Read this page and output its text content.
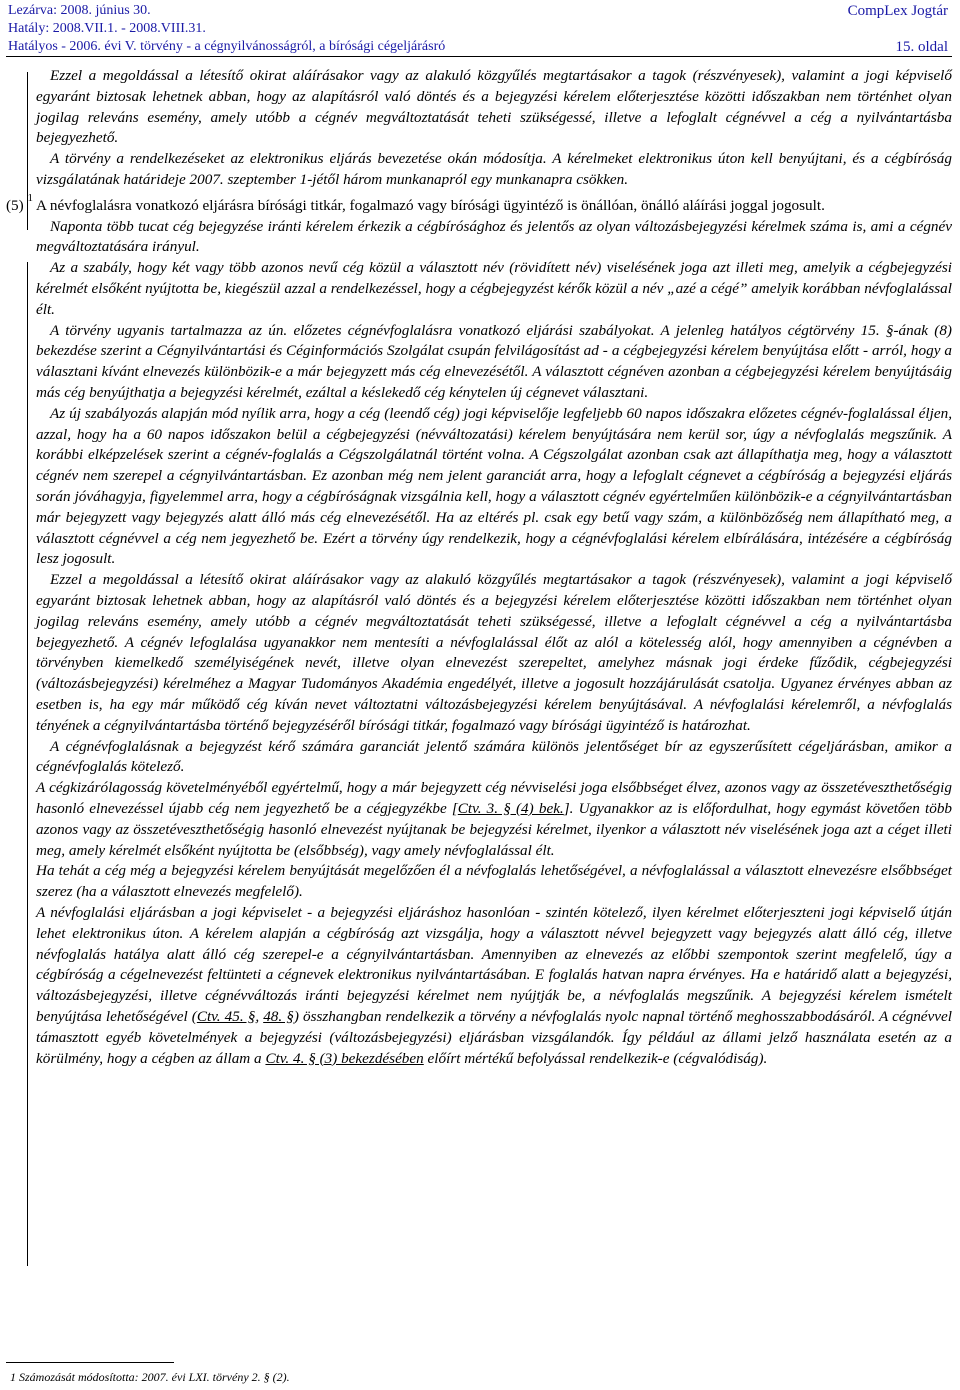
Lezárva: 2008. június 30.	CompLex Jogtár
Hatály: 2008.VII.1. - 2008.VIII.31.
Hatályos - 2006. évi V. törvény - a cégnyilvánosságról, a bírósági cégeljárásró	15. oldal

Ezzel a megoldással a létesítő okirat aláírásakor vagy az alakuló közgyűlés megtartásakor a tagok (részvényesek), valamint a jogi képviselő egyaránt biztosak lehetnek abban, hogy az alapításról való döntés és a bejegyzési kérelem előterjesztése közötti időszakban nem történhet olyan jogilag releváns esemény, amely utóbb a cégnév megváltoztatását teheti szükségessé, illetve a lefoglalt cégnévvel a cég a nyilvántartásba bejegyezhető.

A törvény a rendelkezéseket az elektronikus eljárás bevezetése okán módosítja. A kérelmeket elektronikus úton kell benyújtani, és a cégbíróság vizsgálatának határideje 2007. szeptember 1-jétől három munkanapról egy munkanapra csökken.

(5) $^1$ A névfoglalásra vonatkozó eljárásra bírósági titkár, fogalmazó vagy bírósági ügyintéző is önállóan, önálló aláírási joggal jogosult.

Naponta több tucat cég bejegyzése iránti kérelem érkezik a cégbírósághoz és jelentős az olyan változásbejegyzési kérelmek száma is, ami a cégnév megváltoztatására irányul.

Az a szabály, hogy két vagy több azonos nevű cég közül a választott név (rövidített név) viselésének joga azt illeti meg, amelyik a cégbejegyzési kérelmét elsőként nyújtotta be, kiegészül azzal a rendelkezéssel, hogy a cégbejegyzést kérők közül a név „azé a cégé” amelyik korábban névfoglalással élt.

A törvény ugyanis tartalmazza az ún. előzetes cégnévfoglalásra vonatkozó eljárási szabályokat. A jelenleg hatályos cégtörvény 15. §-ának (8) bekezdése szerint a Cégnyilvántartási és Céginformációs Szolgálat csupán felvilágosítást ad - a cégbejegyzési kérelem benyújtása előtt - arról, hogy a választani kívánt elnevezés különbözik-e a már bejegyzett más cég elnevezésétől. A választott cégnéven azonban a cégbejegyzési kérelem benyújtásáig más cég benyújthatja a bejegyzési kérelmét, ezáltal a késlekedő cég kénytelen új cégnevet választani.

Az új szabályozás alapján mód nyílik arra, hogy a cég (leendő cég) jogi képviselője legfeljebb 60 napos időszakra előzetes cégnév-foglalással éljen, azzal, hogy ha a 60 napos időszakon belül a cégbejegyzési (névváltozatási) kérelem benyújtására nem kerül sor, úgy a névfoglalás megszűnik. A korábbi elképzelések szerint a cégnév-foglalás a Cégszolgálatnál történt volna. A Cégszolgálat azonban csak azt állapíthatja meg, hogy a választott cégnév nem szerepel a cégnyilvántartásban. Ez azonban még nem jelent garanciát arra, hogy a lefoglalt cégnevet a cégbíróság a bejegyzési eljárás során jóváhagyja, figyelemmel arra, hogy a cégbíróságnak vizsgálnia kell, hogy a választott cégnév egyértelműen különbözik-e a cégnyilvántartásban már bejegyzett vagy bejegyzés alatt álló más cég elnevezésétől. Ha az eltérés pl. csak egy betű vagy szám, a különbözőség nem állapítható meg, a választott cégnévvel a cég nem jegyezhető be. Ezért a törvény úgy rendelkezik, hogy a cégnévfoglalási kérelem elbírálására, intézésére a cégbíróság lesz jogosult.

Ezzel a megoldással a létesítő okirat aláírásakor vagy az alakuló közgyűlés megtartásakor a tagok (részvényesek), valamint a jogi képviselő egyaránt biztosak lehetnek abban, hogy az alapításról való döntés és a bejegyzési kérelem előterjesztése közötti időszakban nem történhet olyan jogilag releváns esemény, amely utóbb a cégnév megváltoztatását teheti szükségessé, illetve a lefoglalt cégnévvel a cég a nyilvántartásba bejegyezhető. A cégnév lefoglalása ugyanakkor nem mentesíti a névfoglalással élőt az alól a kötelesség alól, hogy amennyiben a cégnévben a törvényben kiemelkedő személyiségének nevét, illetve olyan elnevezést szerepeltet, amelyhez másnak jogi érdeke fűződik, cégbejegyzési (változásbejegyzési) kérelméhez a Magyar Tudományos Akadémia engedélyét, illetve a jogosult hozzájárulását csatolja. Ugyanez érvényes abban az esetben is, ha egy már működő cég kíván nevet változtatni változásbejegyzési kérelem benyújtásával. A névfoglalási kérelemről, a névfoglalás tényének a cégnyilvántartásba történő bejegyzéséről bírósági titkár, fogalmazó vagy bírósági ügyintéző is határozhat.

A cégnévfoglalásnak a bejegyzést kérő számára garanciát jelentő számára különös jelentőséget bír az egyszerűsített cégeljárásban, amikor a cégnévfoglalás kötelező.

A cégkizárólagosság követelményéből egyértelmű, hogy a már bejegyzett cég névviselési joga elsőbbséget élvez, azonos vagy az összetéveszthetőségig hasonló elnevezéssel újabb cég nem jegyezhető be a cégjegyzékbe [Ctv. 3. § (4) bek.]. Ugyanakkor az is előfordulhat, hogy egymást követően több azonos vagy az összetéveszthetőségig hasonló elnevezést nyújtanak be bejegyzési kérelmet, ilyenkor a választott név viselésének joga azt a céget illeti meg, amely kérelmét elsőként nyújtotta be (elsőbbség), vagy amely névfoglalással élt.

Ha tehát a cég még a bejegyzési kérelem benyújtását megelőzően él a névfoglalás lehetőségével, a névfoglalással a választott elnevezésre elsőbbséget szerez (ha a választott elnevezés megfelelő).

A névfoglalási eljárásban a jogi képviselet - a bejegyzési eljáráshoz hasonlóan - szintén kötelező, ilyen kérelmet előterjeszteni jogi képviselő útján lehet elektronikus úton. A kérelem alapján a cégbíróság azt vizsgálja, hogy a választott névvel bejegyzett vagy bejegyzés alatt álló cég, illetve névfoglalás hatálya alatt álló cég szerepel-e a cégnyilvántartásban. Amennyiben az elnevezés az előbbi szempontok szerint megfelelő, úgy a cégbíróság a cégelnevezést feltünteti a cégnevek elektronikus nyilvántartásában. E foglalás hatvan napra érvényes. Ha e határidő alatt a bejegyzési, változásbejegyzési, illetve cégnévváltozás iránti bejegyzési kérelmet nem nyújtják be, a névfoglalás megszűnik. A bejegyzési kérelem ismételt benyújtása lehetőségével (Ctv. 45. §, 48. §) összhangban rendelkezik a törvény a névfoglalás nyolc napnal történő meghosszabbodásáról. A cégnévvel támasztott egyéb követelmények a bejegyzési (változásbejegyzési) eljárásban vizsgálandók. Így például az állami jelző használata esetén az a körülmény, hogy a cégben az állam a Ctv. 4. § (3) bekezdésében előírt mértékű befolyással rendelkezik-e (cégvalódiság).

1 Számozását módosította: 2007. évi LXI. törvény 2. § (2).
